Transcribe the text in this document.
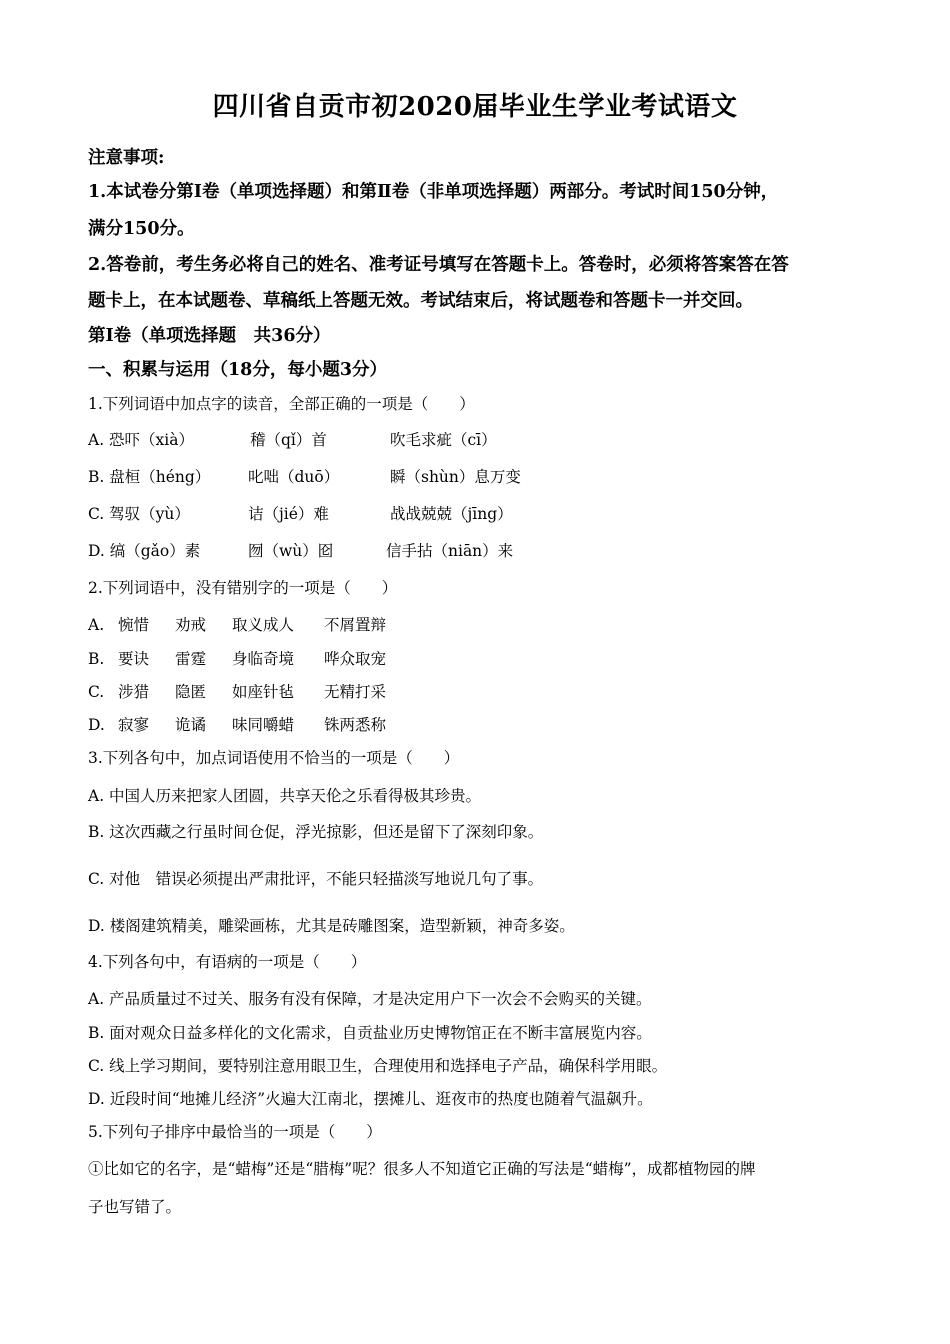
四川省自贡市初2020届毕业生学业考试语文
注意事项:
1.本试卷分第Ⅰ卷（单项选择题）和第Ⅱ卷（非单项选择题）两部分。考试时间150分钟，
满分150分。
2.答卷前，考生务必将自己的姓名、准考证号填写在答题卡上。答卷时，必须将答案答在答
题卡上，在本试题卷、草稿纸上答题无效。考试结束后，将试题卷和答题卡一并交回。
第Ⅰ卷（单项选择题　共36分）
一、积累与运用（18分，每小题3分）
1.下列词语中加点字的读音，全部正确的一项是（　　）
A. 恐吓（xià）	稽（qǐ）首	吹毛求疵（cī）
B. 盘桓（héng） 叱咄（duō）	瞬（shùn）息万变
C. 驾驭（yù）	诘（jié）难	战战兢兢（jīng）
D. 缟（gǎo）素	囫（wù）囵	信手拈（niān）来
2.下列词语中，没有错别字的一项是（　　）
A. 惋惜 劝戒 取义成人 不屑置辩
B. 要诀 雷霆 身临奇境 哗众取宠
C. 涉猎 隐匿 如座针毡 无精打采
D. 寂寥 诡谲 味同嚼蜡 铢两悉称
3.下列各句中，加点词语使用不恰当的一项是（　　）
A. 中国人历来把家人团圆，共享天伦之乐看得极其珍贵。
B. 这次西藏之行虽时间仓促，浮光掠影，但还是留下了深刻印象。
C. 对他　错误必须提出严肃批评，不能只轻描淡写地说几句了事。
D. 楼阁建筑精美，雕梁画栋，尤其是砖雕图案，造型新颖，神奇多姿。
4.下列各句中，有语病的一项是（　　）
A. 产品质量过不过关、服务有没有保障，才是决定用户下一次会不会购买的关键。
B. 面对观众日益多样化的文化需求，自贡盐业历史博物馆正在不断丰富展览内容。
C. 线上学习期间，要特别注意用眼卫生，合理使用和选择电子产品，确保科学用眼。
D. 近段时间“地摊儿经济”火遍大江南北，摆摊儿、逛夜市的热度也随着气温飙升。
5.下列句子排序中最恰当的一项是（　　）
①比如它的名字，是“蜡梅”还是“腊梅”呢？很多人不知道它正确的写法是“蜡梅”，成都植物园的牌
子也写错了。
